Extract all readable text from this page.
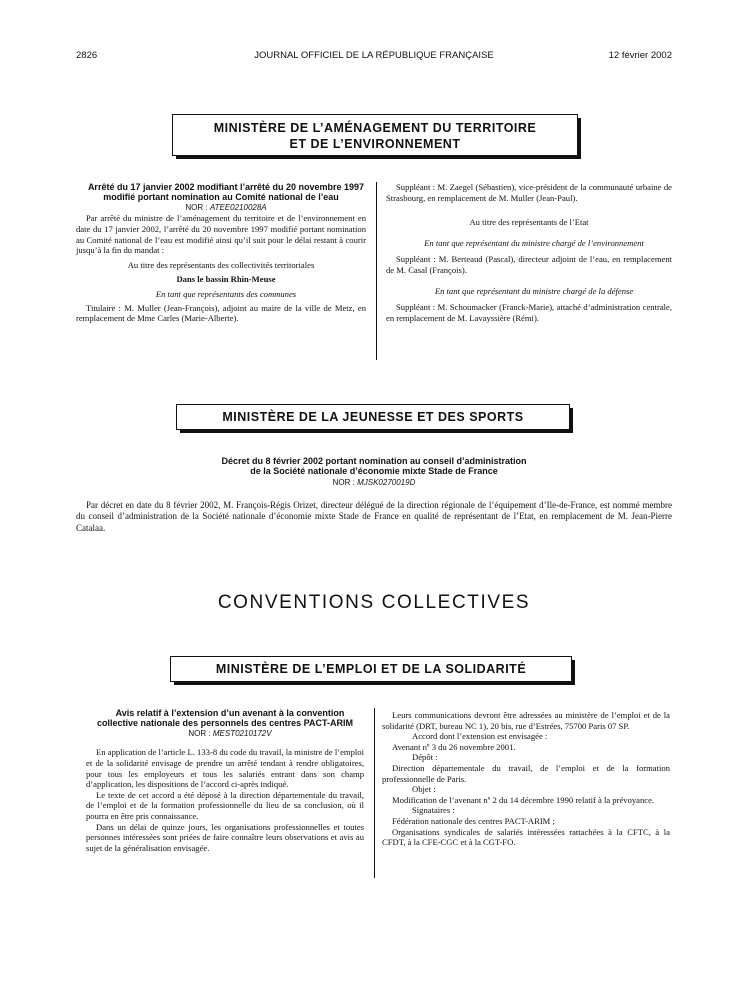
2826	JOURNAL OFFICIEL DE LA RÉPUBLIQUE FRANÇAISE	12 février 2002
MINISTÈRE DE L’AMÉNAGEMENT DU TERRITOIRE
ET DE L’ENVIRONNEMENT

Arrêté du 17 janvier 2002 modifiant l’arrêté du 20 novembre 1997 modifié portant nomination au Comité national de l’eau

NOR : ATEE0210028A

Par arrêté du ministre de l’aménagement du territoire et de l’environnement en date du 17 janvier 2002, l’arrêté du 20 novembre 1997 modifié portant nomination au Comité national de l’eau est modifié ainsi qu’il suit pour le délai restant à courir jusqu’à la fin du mandat :

Au titre des représentants des collectivités territoriales

Dans le bassin Rhin-Meuse

En tant que représentants des communes

Titulaire : M. Muller (Jean-François), adjoint au maire de la ville de Metz, en remplacement de Mme Carles (Marie-Alberte).

Suppléant : M. Zaegel (Sébastien), vice-président de la communauté urbaine de Strasbourg, en remplacement de M. Muller (Jean-Paul).

Au titre des représentants de l’Etat

En tant que représentant du ministre chargé de l’environnement

Suppléant : M. Berteaud (Pascal), directeur adjoint de l’eau, en remplacement de M. Casal (François).

En tant que représentant du ministre chargé de la défense

Suppléant : M. Schoumacker (Franck-Marie), attaché d’administration centrale, en remplacement de M. Lavayssière (Rémi).

MINISTÈRE DE LA JEUNESSE ET DES SPORTS

Décret du 8 février 2002 portant nomination au conseil d’administration

de la Société nationale d’économie mixte Stade de France

NOR : MJSK0270019D

Par décret en date du 8 février 2002, M. François-Régis Orizet, directeur délégué de la direction régionale de l’équipement d’Ile-de-France, est nommé membre du conseil d’administration de la Société nationale d’économie mixte Stade de France en qualité de représentant de l’Etat, en remplacement de M. Jean-Pierre Catalaa.

CONVENTIONS COLLECTIVES
MINISTÈRE DE L’EMPLOI ET DE LA SOLIDARITÉ

Avis relatif à l’extension d’un avenant à la convention collective nationale des personnels des centres PACT-ARIM

NOR : MEST0210172V

En application de l’article L. 133-8 du code du travail, la ministre de l’emploi et de la solidarité envisage de prendre un arrêté tendant à rendre obligatoires, pour tous les employeurs et tous les salariés entrant dans son champ d’application, les dispositions de l’accord ci-après indiqué.

Le texte de cet accord a été déposé à la direction départementale du travail, de l’emploi et de la formation professionnelle du lieu de sa conclusion, où il pourra en être pris connaissance.

Dans un délai de quinze jours, les organisations professionnelles et toutes personnes intéressées sont priées de faire connaître leurs observations et avis au sujet de la généralisation envisagée.

Leurs communications devront être adressées au ministère de l’emploi et de la solidarité (DRT, bureau NC 1), 20 bis, rue d’Estrées, 75700 Paris 07 SP.

Accord dont l’extension est envisagée :

Avenant nº 3 du 26 novembre 2001.

Dépôt :

Direction départementale du travail, de l’emploi et de la formation professionnelle de Paris.

Objet :

Modification de l’avenant nº 2 du 14 décembre 1990 relatif à la prévoyance.

Signataires :

Fédération nationale des centres PACT-ARIM ;

Organisations syndicales de salariés intéressées rattachées à la CFTC, à la CFDT, à la CFE-CGC et à la CGT-FO.
